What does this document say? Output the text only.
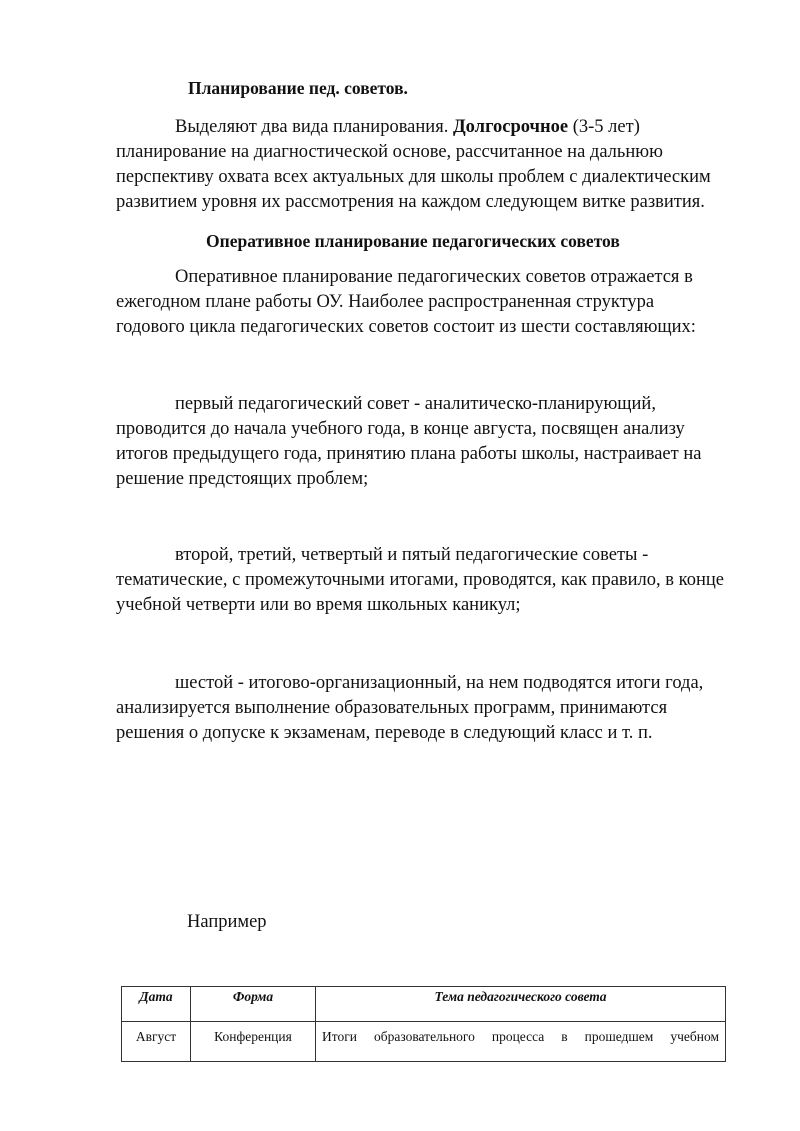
Планирование пед. советов.
Выделяют два вида планирования. Долгосрочное (3-5 лет)
планирование на диагностической основе, рассчитанное на дальнюю
перспективу охвата всех актуальных для школы проблем с диалектическим
развитием уровня их рассмотрения на каждом следующем витке развития.
Оперативное планирование педагогических советов
Оперативное планирование педагогических советов отражается в
ежегодном плане работы ОУ. Наиболее распространенная структура
годового цикла педагогических советов состоит из шести составляющих:
первый педагогический совет - аналитическо-планирующий,
проводится до начала учебного года, в конце августа, посвящен анализу
итогов предыдущего года, принятию плана работы школы, настраивает на
решение предстоящих проблем;
второй, третий, четвертый и пятый педагогические советы -
тематические, с промежуточными итогами, проводятся, как правило, в конце
учебной четверти или во время школьных каникул;
шестой - итогово-организационный, на нем подводятся итоги года,
анализируется выполнение образовательных программ, принимаются
решения о допуске к экзаменам, переводе в следующий класс и т. п.
Например
Дата	Форма	Тема педагогического совета
Август	Конференция	Итоги образовательного процесса в прошедшем учебном
